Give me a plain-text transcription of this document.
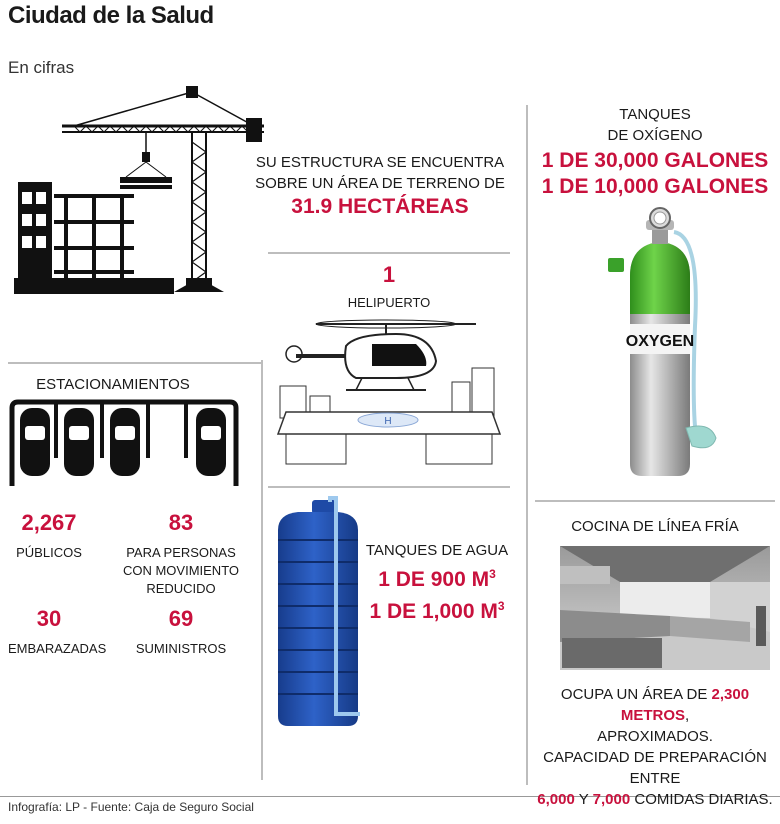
Ciudad de la Salud
En cifras
SU ESTRUCTURA SE ENCUENTRA
SOBRE UN ÁREA DE TERRENO DE
31.9 HECTÁREAS
TANQUES
DE OXÍGENO
1 DE 30,000 GALONES
1 DE 10,000 GALONES
OXYGEN
1
HELIPUERTO
H
ESTACIONAMIENTOS
2,267
PÚBLICOS
83
PARA PERSONAS
CON MOVIMIENTO
REDUCIDO
30
EMBARAZADAS
69
SUMINISTROS
TANQUES DE AGUA
1 DE 900 $M^3$
1 DE 1,000 $M^3$
COCINA DE LÍNEA FRÍA
OCUPA UN ÁREA DE 2,300 METROS,
APROXIMADOS.
CAPACIDAD DE PREPARACIÓN ENTRE
6,000 Y 7,000 COMIDAS DIARIAS.
Infografía: LP - Fuente: Caja de Seguro Social
